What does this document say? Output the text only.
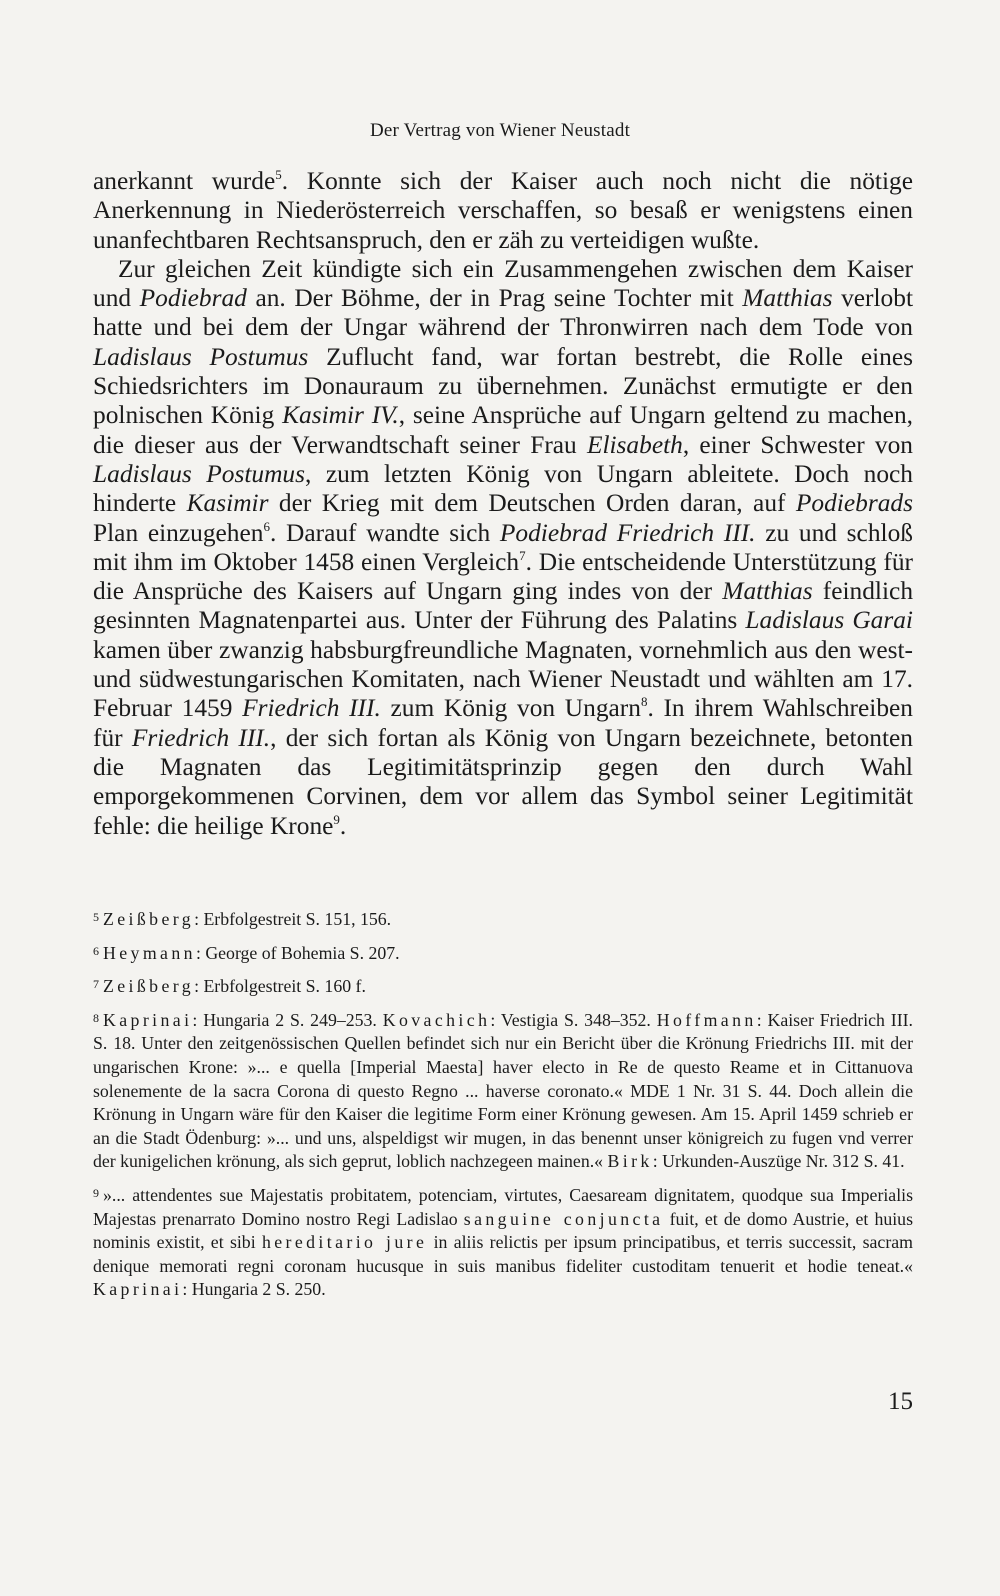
Der Vertrag von Wiener Neustadt

anerkannt wurde$^5$. Konnte sich der Kaiser auch noch nicht die nötige Anerkennung in Niederösterreich verschaffen, so besaß er wenigstens einen unanfechtbaren Rechtsanspruch, den er zäh zu verteidigen wußte.

Zur gleichen Zeit kündigte sich ein Zusammengehen zwischen dem Kaiser und Podiebrad an. Der Böhme, der in Prag seine Tochter mit Matthias verlobt hatte und bei dem der Ungar während der Thronwirren nach dem Tode von Ladislaus Postumus Zuflucht fand, war fortan bestrebt, die Rolle eines Schiedsrichters im Donauraum zu übernehmen. Zunächst ermutigte er den polnischen König Kasimir IV., seine Ansprüche auf Ungarn geltend zu machen, die dieser aus der Verwandtschaft seiner Frau Elisabeth, einer Schwester von Ladislaus Postumus, zum letzten König von Ungarn ableitete. Doch noch hinderte Kasimir der Krieg mit dem Deutschen Orden daran, auf Podiebrads Plan einzugehen$^6$. Darauf wandte sich Podiebrad Friedrich III. zu und schloß mit ihm im Oktober 1458 einen Vergleich$^7$. Die entscheidende Unterstützung für die Ansprüche des Kaisers auf Ungarn ging indes von der Matthias feindlich gesinnten Magnatenpartei aus. Unter der Führung des Palatins Ladislaus Garai kamen über zwanzig habsburgfreundliche Magnaten, vornehmlich aus den west- und südwestungarischen Komitaten, nach Wiener Neustadt und wählten am 17. Februar 1459 Friedrich III. zum König von Ungarn$^8$. In ihrem Wahlschreiben für Friedrich III., der sich fortan als König von Ungarn bezeichnete, betonten die Magnaten das Legitimitätsprinzip gegen den durch Wahl emporgekommenen Corvinen, dem vor allem das Symbol seiner Legitimität fehle: die heilige Krone$^9$.

$^5$ Zeißberg: Erbfolgestreit S. 151, 156.

$^6$ Heymann: George of Bohemia S. 207.

$^7$ Zeißberg: Erbfolgestreit S. 160 f.

$^8$ Kaprinai: Hungaria 2 S. 249–253. Kovachich: Vestigia S. 348–352. Hoffmann: Kaiser Friedrich III. S. 18. Unter den zeitgenössischen Quellen befindet sich nur ein Bericht über die Krönung Friedrichs III. mit der ungarischen Krone: »... e quella [Imperial Maesta] haver electo in Re de questo Reame et in Cittanuova solenemente de la sacra Corona di questo Regno ... haverse coronato.« MDE 1 Nr. 31 S. 44. Doch allein die Krönung in Ungarn wäre für den Kaiser die legitime Form einer Krönung gewesen. Am 15. April 1459 schrieb er an die Stadt Ödenburg: »... und uns, alspeldigst wir mugen, in das benennt unser königreich zu fugen vnd verrer der kunigelichen krönung, als sich geprut, loblich nachzegeen mainen.« Birk: Urkunden-Auszüge Nr. 312 S. 41.

$^9$ »... attendentes sue Majestatis probitatem, potenciam, virtutes, Caesaream dignitatem, quodque sua Imperialis Majestas prenarrato Domino nostro Regi Ladislao sanguine conjuncta fuit, et de domo Austrie, et huius nominis existit, et sibi hereditario jure in aliis relictis per ipsum principatibus, et terris successit, sacram denique memorati regni coronam hucusque in suis manibus fideliter custoditam tenuerit et hodie teneat.« Kaprinai: Hungaria 2 S. 250.

15
